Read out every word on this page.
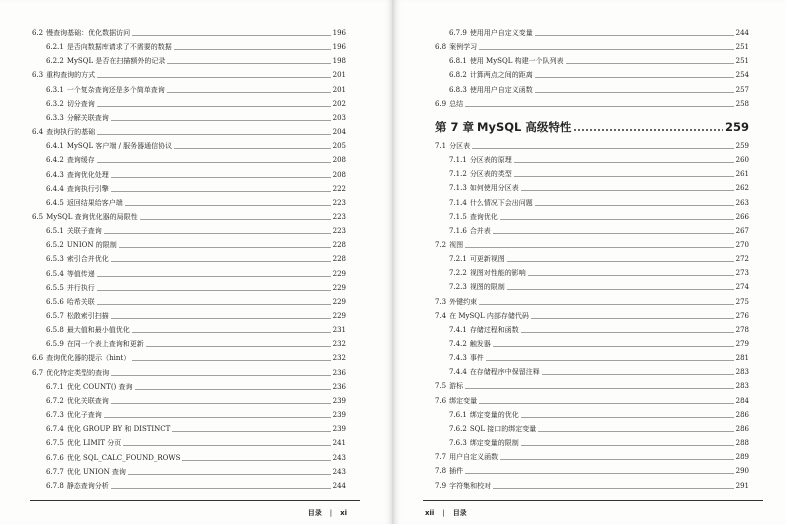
6.2 慢查询基础：优化数据访问	196
6.2.1 是否向数据库请求了不需要的数据	196
6.2.2 MySQL 是否在扫描额外的记录	198
6.3 重构查询的方式	201
6.3.1 一个复杂查询还是多个简单查询	201
6.3.2 切分查询	202
6.3.3 分解关联查询	203
6.4 查询执行的基础	204
6.4.1 MySQL 客户端 / 服务器通信协议	205
6.4.2 查询缓存	208
6.4.3 查询优化处理	208
6.4.4 查询执行引擎	222
6.4.5 返回结果给客户端	223
6.5 MySQL 查询优化器的局限性	223
6.5.1 关联子查询	223
6.5.2 UNION 的限制	228
6.5.3 索引合并优化	228
6.5.4 等值传递	229
6.5.5 并行执行	229
6.5.6 哈希关联	229
6.5.7 松散索引扫描	229
6.5.8 最大值和最小值优化	231
6.5.9 在同一个表上查询和更新	232
6.6 查询优化器的提示（hint）	232
6.7 优化特定类型的查询	236
6.7.1 优化 COUNT() 查询	236
6.7.2 优化关联查询	239
6.7.3 优化子查询	239
6.7.4 优化 GROUP BY 和 DISTINCT	239
6.7.5 优化 LIMIT 分页	241
6.7.6 优化 SQL_CALC_FOUND_ROWS	243
6.7.7 优化 UNION 查询	243
6.7.8 静态查询分析	244
目录 | xi
6.7.9 使用用户自定义变量	244
6.8 案例学习	251
6.8.1 使用 MySQL 构建一个队列表	251
6.8.2 计算两点之间的距离	254
6.8.3 使用用户自定义函数	257
6.9 总结	258
第 7 章 MySQL 高级特性	259
7.1 分区表	259
7.1.1 分区表的原理	260
7.1.2 分区表的类型	261
7.1.3 如何使用分区表	262
7.1.4 什么情况下会出问题	263
7.1.5 查询优化	266
7.1.6 合并表	267
7.2 视图	270
7.2.1 可更新视图	272
7.2.2 视图对性能的影响	273
7.2.3 视图的限制	274
7.3 外键约束	275
7.4 在 MySQL 内部存储代码	276
7.4.1 存储过程和函数	278
7.4.2 触发器	279
7.4.3 事件	281
7.4.4 在存储程序中保留注释	283
7.5 游标	283
7.6 绑定变量	284
7.6.1 绑定变量的优化	286
7.6.2 SQL 接口的绑定变量	286
7.6.3 绑定变量的限制	288
7.7 用户自定义函数	289
7.8 插件	290
7.9 字符集和校对	291
xii | 目录
